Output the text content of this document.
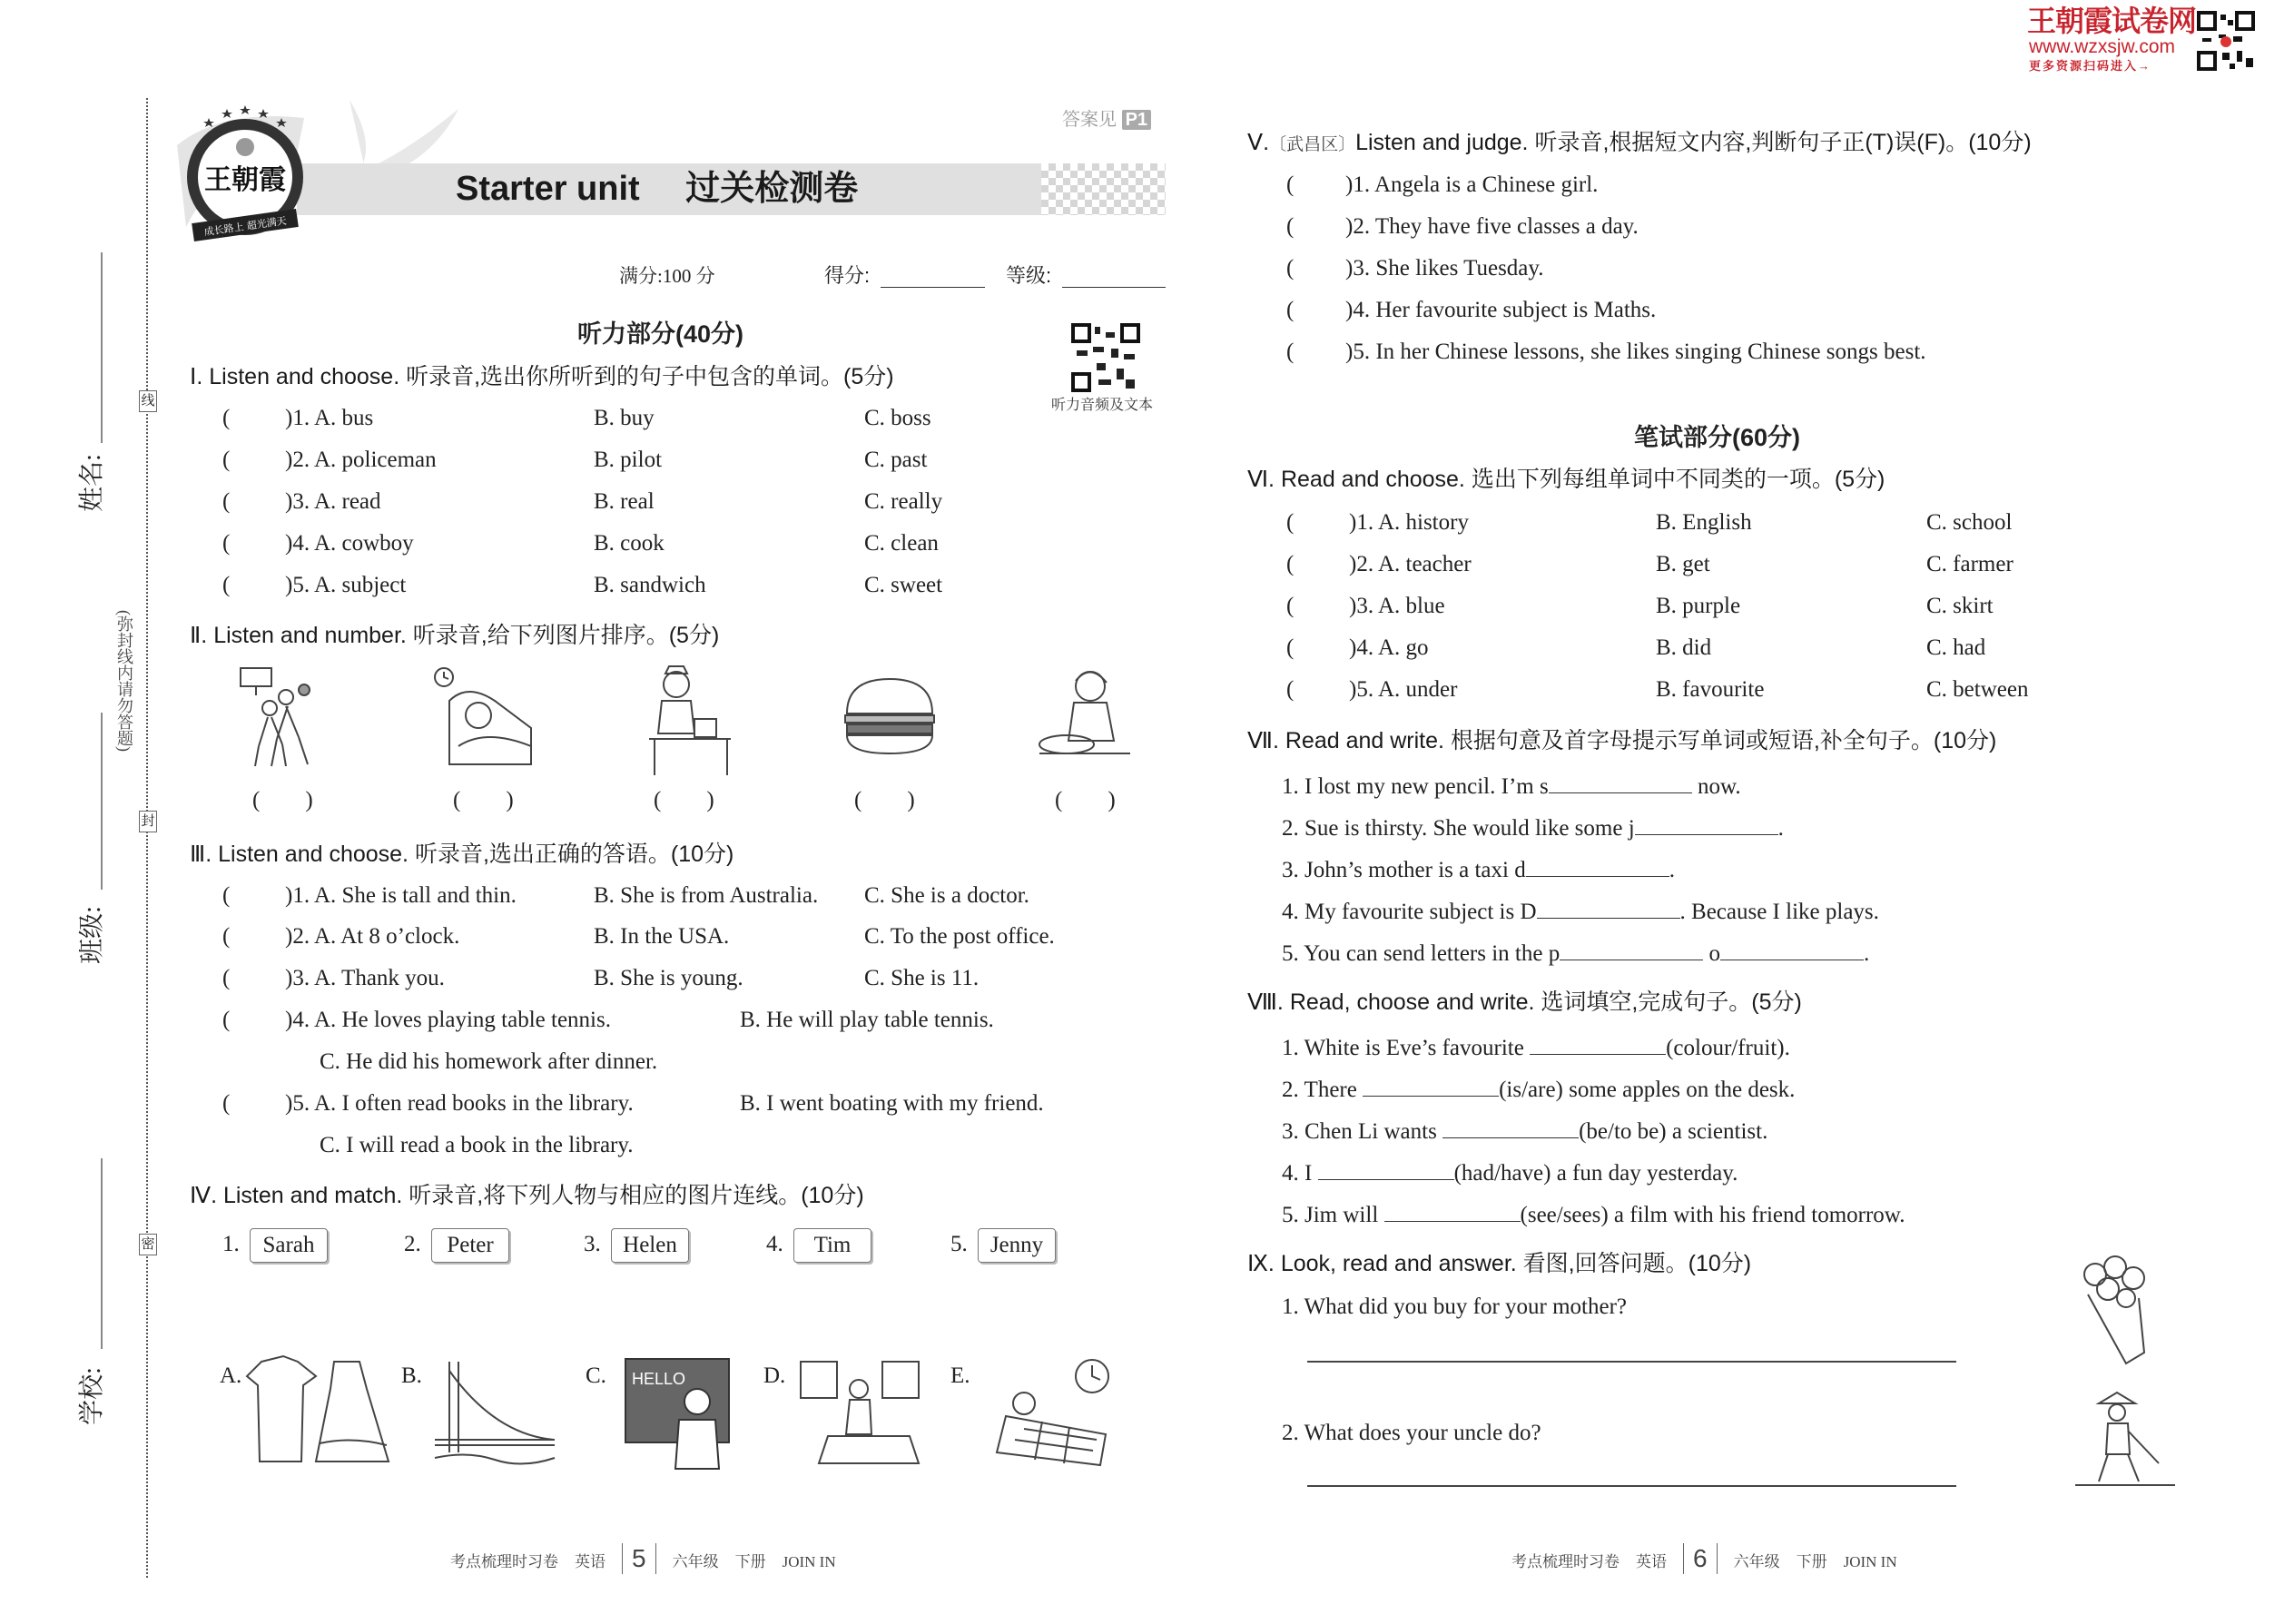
王朝霞试卷网
www.wzxsjw.com
更多资源扫码进入→
姓名:
班级:
学校:
(弥封线内请勿答题)
线
封
密
王朝霞
成长路上 超光满天
答案见 P1
Starter unit 过关检测卷
满分:100 分	得分:	等级:
听力部分(40分)
听力音频及文本
Ⅰ. Listen and choose. 听录音,选出你所听到的句子中包含的单词。(5分)
( )1. A. bus	B. buy	C. boss
( )2. A. policeman	B. pilot	C. past
( )3. A. read	B. real	C. really
( )4. A. cowboy	B. cook	C. clean
( )5. A. subject	B. sandwich	C. sweet
Ⅱ. Listen and number. 听录音,给下列图片排序。(5分)
(        )	(        )	(        )	(        )	(        )
Ⅲ. Listen and choose. 听录音,选出正确的答语。(10分)
( )1. A. She is tall and thin.	B. She is from Australia. C. She is a doctor.
( )2. A. At 8 o’clock.	B. In the USA.	C. To the post office.
( )3. A. Thank you.	B. She is young.	C. She is 11.
( )4. A. He loves playing table tennis.	B. He will play table tennis.
C. He did his homework after dinner.
( )5. A. I often read books in the library.	B. I went boating with my friend.
C. I will read a book in the library.
Ⅳ. Listen and match. 听录音,将下列人物与相应的图片连线。(10分)
1.	Sarah	2.	Peter	3. Helen	4.	Tim	5.	Jenny
A.	B.	C.	D.	E.
Ⅴ.〔武昌区〕Listen and judge. 听录音,根据短文内容,判断句子正(T)误(F)。(10分)
( )1. Angela is a Chinese girl.
( )2. They have five classes a day.
( )3. She likes Tuesday.
( )4. Her favourite subject is Maths.
( )5. In her Chinese lessons, she likes singing Chinese songs best.
笔试部分(60分)
Ⅵ. Read and choose. 选出下列每组单词中不同类的一项。(5分)
( )1. A. history	B. English	C. school
( )2. A. teacher	B. get	C. farmer
( )3. A. blue	B. purple	C. skirt
( )4. A. go	B. did	C. had
( )5. A. under	B. favourite	C. between
Ⅶ. Read and write. 根据句意及首字母提示写单词或短语,补全句子。(10分)
1. I lost my new pencil. I’m s	now.
2. Sue is thirsty. She would like some j	.
3. John’s mother is a taxi d	.
4. My favourite subject is D	. Because I like plays.
5. You can send letters in the p	o	.
Ⅷ. Read, choose and write. 选词填空,完成句子。(5分)
1. White is Eve’s favourite	(colour/fruit).
2. There	(is/are) some apples on the desk.
3. Chen Li wants	(be/to be) a scientist.
4. I	(had/have) a fun day yesterday.
5. Jim will	(see/sees) a film with his friend tomorrow.
Ⅸ. Look, read and answer. 看图,回答问题。(10分)
1. What did you buy for your mother?
2. What does your uncle do?
HELLO
考点梳理时习卷 英语 5 六年级 下册 JOIN IN	考点梳理时习卷 英语 6 六年级 下册 JOIN IN
